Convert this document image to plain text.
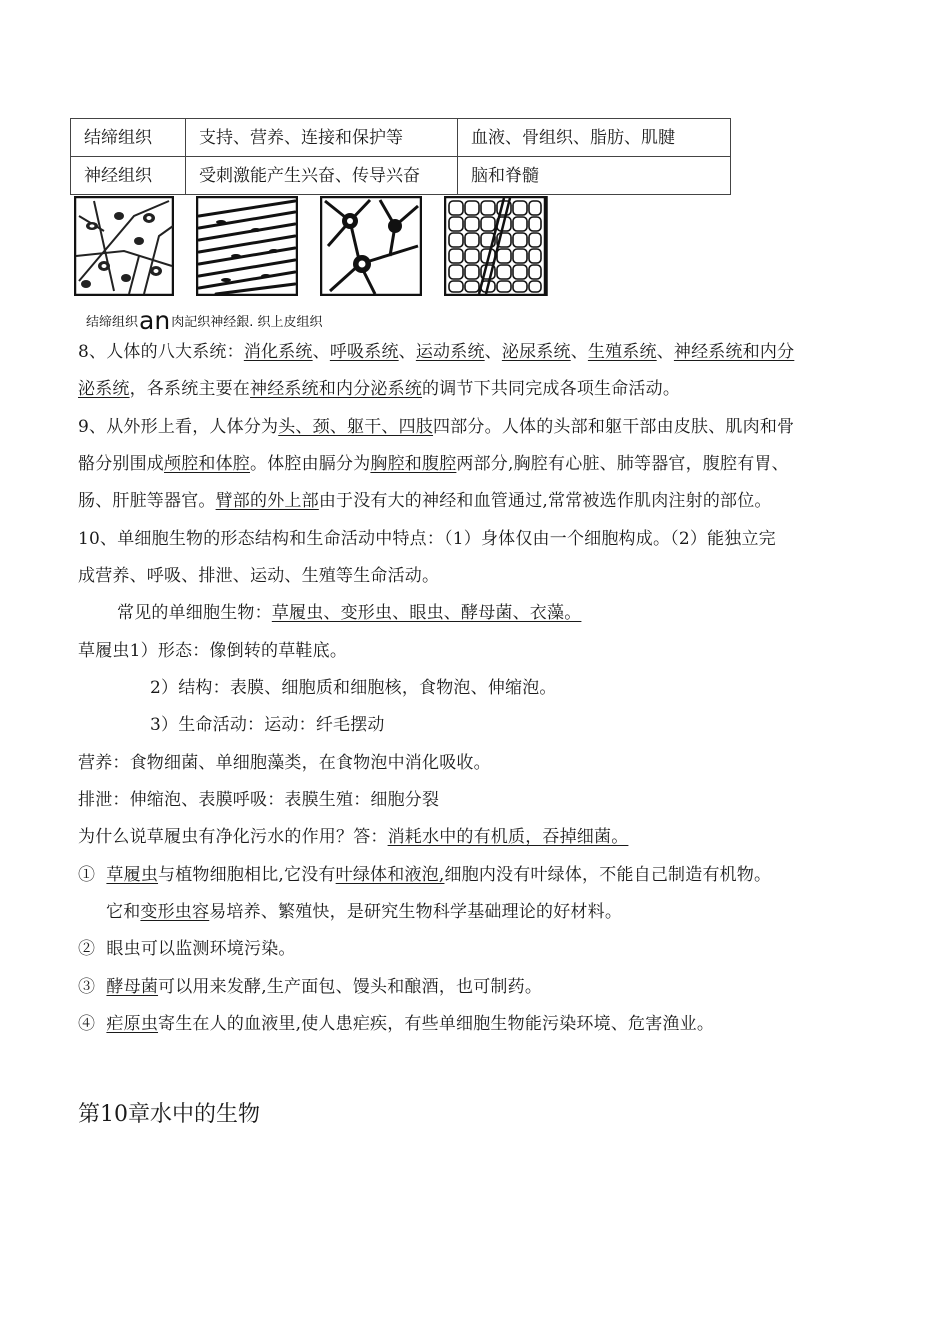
结缔组织	支持、营养、连接和保护等	血液、骨组织、脂肪、肌腱
神经组织	受刺激能产生兴奋、传导兴奋	脑和脊髓
结缔组织an肉記织神经銀. 织上皮组织
8、人体的八大系统：消化系统、呼吸系统、运动系统、泌尿系统、生殖系统、神经系统和内分
泌系统，各系统主要在神经系统和内分泌系统的调节下共同完成各项生命活动。
9、从外形上看，人体分为头、颈、躯干、四肢四部分。人体的头部和躯干部由皮肤、肌肉和骨
骼分别围成颅腔和体腔。体腔由膈分为胸腔和腹腔两部分,胸腔有心脏、肺等器官，腹腔有胃、
肠、肝脏等器官。臂部的外上部由于没有大的神经和血管通过,常常被选作肌肉注射的部位。
10、单细胞生物的形态结构和生命活动中特点：（1）身体仅由一个细胞构成。（2）能独立完
成营养、呼吸、排泄、运动、生殖等生命活动。
常见的单细胞生物：草履虫、变形虫、眼虫、酵母菌、衣藻。
草履虫1）形态：像倒转的草鞋底。
2）结构：表膜、细胞质和细胞核，食物泡、伸缩泡。
3）生命活动：运动：纤毛摆动
营养：食物细菌、单细胞藻类，在食物泡中消化吸收。
排泄：伸缩泡、表膜呼吸：表膜生殖：细胞分裂
为什么说草履虫有净化污水的作用？答：消耗水中的有机质，吞掉细菌。
① 草履虫与植物细胞相比,它没有叶绿体和液泡,细胞内没有叶绿体，不能自己制造有机物。
它和变形虫容易培养、繁殖快，是研究生物科学基础理论的好材料。
② 眼虫可以监测环境污染。
③ 酵母菌可以用来发酵,生产面包、馒头和酿酒，也可制药。
④ 疟原虫寄生在人的血液里,使人患疟疾，有些单细胞生物能污染环境、危害渔业。
第10章水中的生物
